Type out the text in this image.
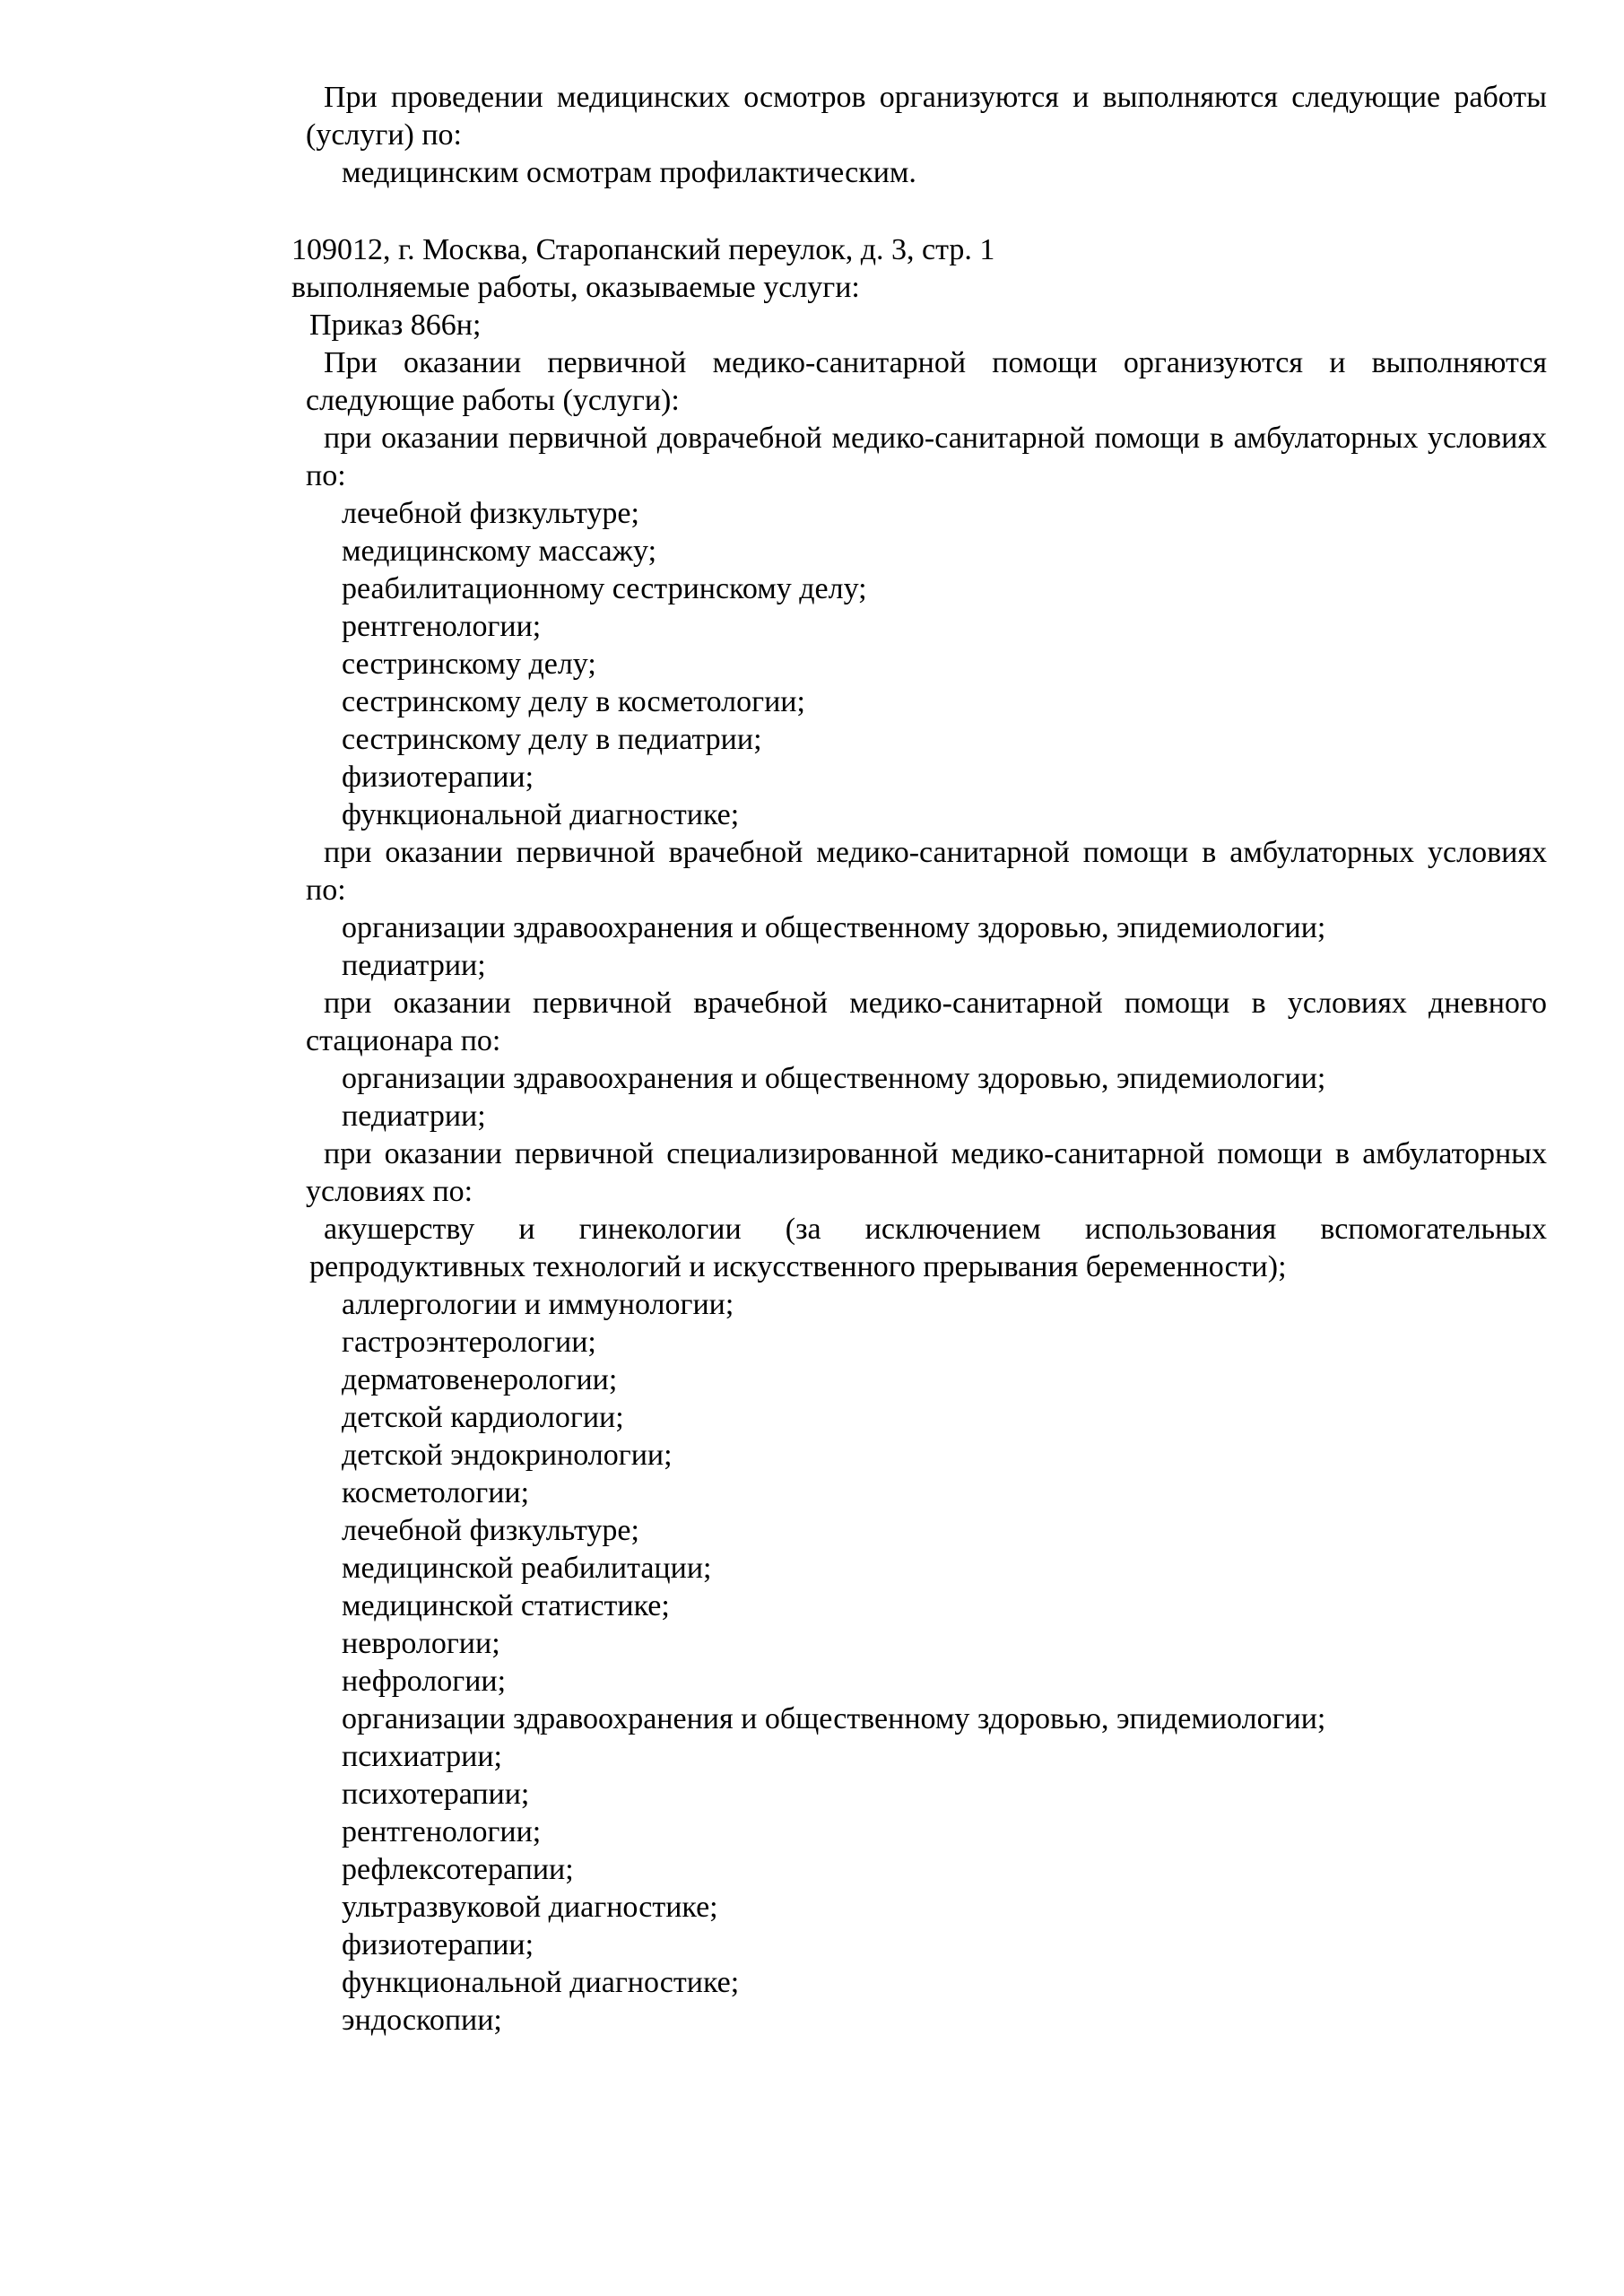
При проведении медицинских осмотров организуются и выполняются следующие работы (услуги) по:

медицинским осмотрам профилактическим.

109012, г. Москва, Старопанский переулок, д. 3, стр. 1

выполняемые работы, оказываемые услуги:

Приказ 866н;

При оказании первичной медико-санитарной помощи организуются и выполняются следующие работы (услуги):

при оказании первичной доврачебной медико-санитарной помощи в амбулаторных условиях по:

лечебной физкультуре;

медицинскому массажу;

реабилитационному сестринскому делу;

рентгенологии;

сестринскому делу;

сестринскому делу в косметологии;

сестринскому делу в педиатрии;

физиотерапии;

функциональной диагностике;

при оказании первичной врачебной медико-санитарной помощи в амбулаторных условиях по:

организации здравоохранения и общественному здоровью, эпидемиологии;

педиатрии;

при оказании первичной врачебной медико-санитарной помощи в условиях дневного стационара по:

организации здравоохранения и общественному здоровью, эпидемиологии;

педиатрии;

при оказании первичной специализированной медико-санитарной помощи в амбулаторных условиях по:

акушерству и гинекологии (за исключением использования вспомогательных репродуктивных технологий и искусственного прерывания беременности);

аллергологии и иммунологии;

гастроэнтерологии;

дерматовенерологии;

детской кардиологии;

детской эндокринологии;

косметологии;

лечебной физкультуре;

медицинской реабилитации;

медицинской статистике;

неврологии;

нефрологии;

организации здравоохранения и общественному здоровью, эпидемиологии;

психиатрии;

психотерапии;

рентгенологии;

рефлексотерапии;

ультразвуковой диагностике;

физиотерапии;

функциональной диагностике;

эндоскопии;
